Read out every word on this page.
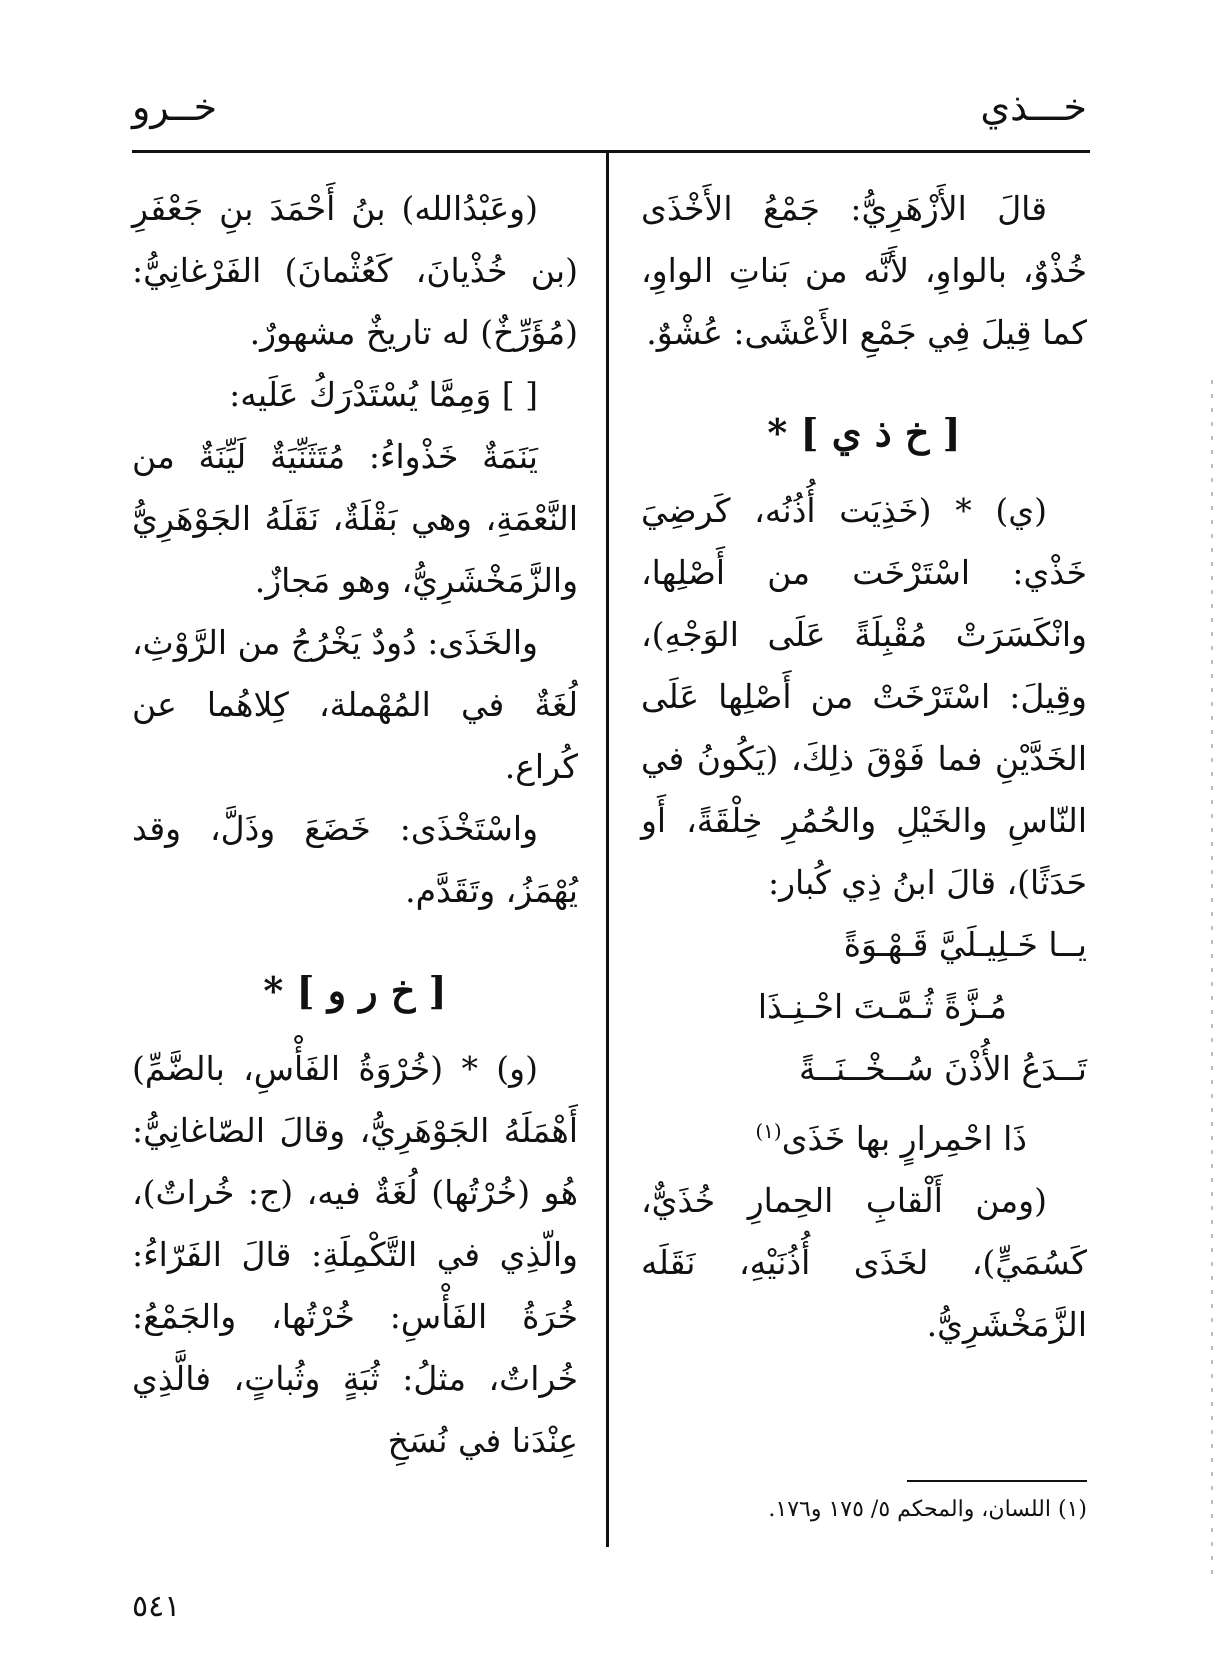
خـــذي
خــرو

قالَ الأَزْهَرِيُّ: جَمْعُ الأَخْذَى خُذْوٌ، بالواوِ، لأَنَّه من بَناتِ الواوِ، كما قِيلَ فِي جَمْعِ الأَعْشَى: عُشْوٌ.

[ خ ذ ي ] *

(ي) * (خَذِيَت أُذُنُه، كَرضِيَ خَذْي: اسْتَرْخَت من أَصْلِها، وانْكَسَرَتْ مُقْبِلَةً عَلَى الوَجْهِ)، وقِيلَ: اسْتَرْخَتْ من أَصْلِها عَلَى الخَدَّيْنِ فما فَوْقَ ذلِكَ، (يَكُونُ في النّاسِ والخَيْلِ والحُمُرِ خِلْقَةً، أَو حَدَثًا)، قالَ ابنُ ذِي كُبار:

يــا خَـلِيـلَيَّ قَـهْـوَةً
مُـزَّةً ثُـمَّـتَ احْـنِـذَا
تَــدَعُ الأُذْنَ سُــخْــنَــةً
ذَا احْمِرارٍ بها خَذَى$^{(١)}$

(ومن أَلْقابِ الحِمارِ خُذَيٌّ، كَسُمَيٍّ)، لخَذَى أُذُنَيْهِ، نَقَلَه الزَّمَخْشَرِيُّ.

(وعَبْدُالله) بنُ أَحْمَدَ بنِ جَعْفَرِ (بن خُذْيانَ، كَعُثْمانَ) الفَرْغانِيُّ: (مُؤَرِّخٌ) له تاريخٌ مشهورٌ.

[ ] وَمِمَّا يُسْتَدْرَكُ عَلَيه:

يَنَمَةٌ خَذْواءُ: مُتَثَنِّيَةٌ لَيِّنَةٌ من النَّعْمَةِ، وهي بَقْلَةٌ، نَقَلَهُ الجَوْهَرِيُّ والزَّمَخْشَرِيُّ، وهو مَجازٌ.

والخَذَى: دُودٌ يَخْرُجُ من الرَّوْثِ، لُغَةٌ في المُهْملة، كِلاهُما عن كُراع.

واسْتَخْذَى: خَضَعَ وذَلَّ، وقد يُهْمَزُ، وتَقَدَّم.

[ خ ر و ] *

(و) * (خُرْوَةُ الفَأْسِ، بالضَّمِّ) أَهْمَلَهُ الجَوْهَرِيُّ، وقالَ الصّاغانِيُّ: هُو (خُرْتُها) لُغَةٌ فيه، (ج: خُراتٌ)، والّذِي في التَّكْمِلَةِ: قالَ الفَرّاءُ: خُرَةُ الفَأْسِ: خُرْتُها، والجَمْعُ: خُراتٌ، مثلُ: ثُبَةٍ وثُباتٍ، فالَّذِي عِنْدَنا في نُسَخِ

(١) اللسان، والمحكم ٥/ ١٧٥ و١٧٦.
٥٤١
